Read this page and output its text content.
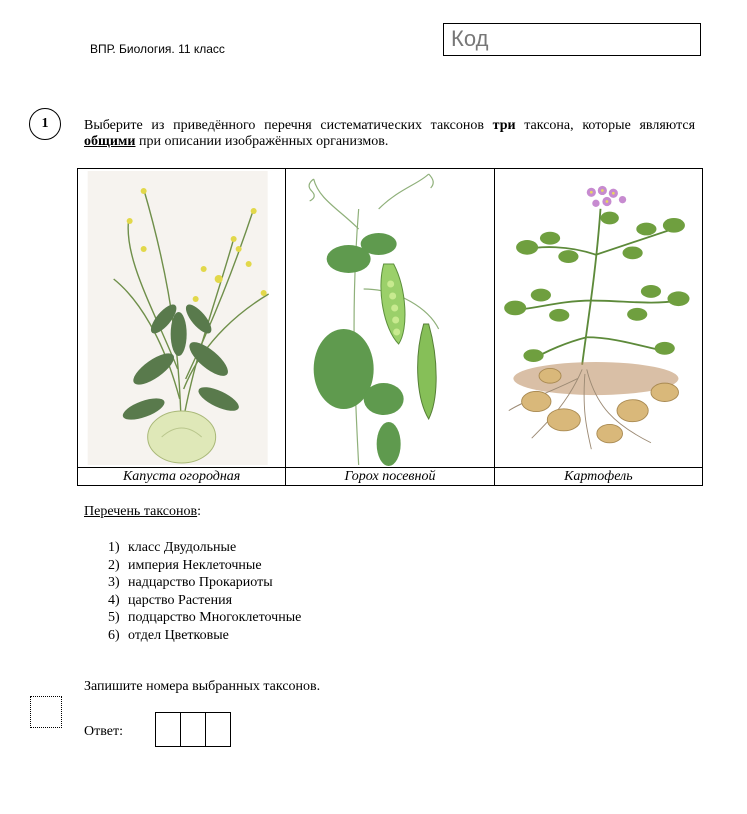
ВПР. Биология. 11 класс	Код
1	Выберите из приведённого перечня систематических таксонов три таксона, которые являются общими при описании изображённых организмов.

Капуста огородная	Горох посевной	Картофель
Перечень таксонов:
1) класс Двудольные
2) империя Неклеточные
3) надцарство Прокариоты
4) царство Растения
5) подцарство Многоклеточные
6) отдел Цветковые
Запишите номера выбранных таксонов.
Ответ:
